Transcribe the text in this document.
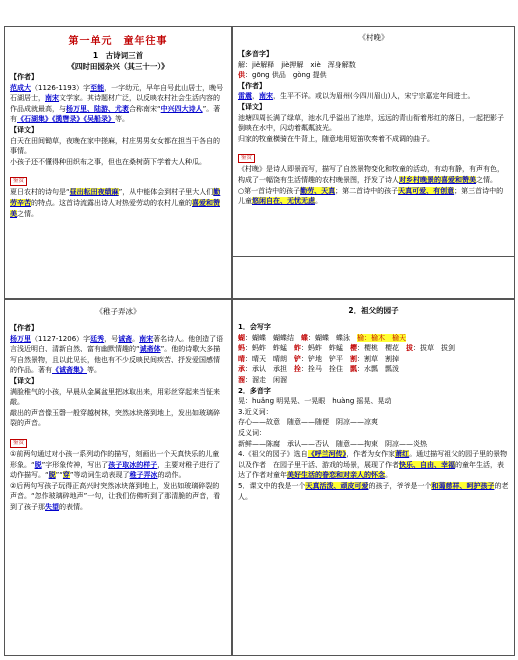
第一单元　童年往事
1　古诗词三首
《四时田园杂兴（其三十一）》
【作者】

范成大（1126-1193）字至能，一字幼元，早年自号此山居士，晚号石湖居士，南宋文学家。其诗题材广泛，以反映农村社会生活内容的作品成就最高，与杨万里、陆游、尤袤合称南宋“中兴四大诗人”。著有《石湖集》《揽辔录》《吴船录》等。

【译文】

白天在田间锄草，夜晚在家中搓麻，村庄男男女女都在担当干各自的事情。

小孩子还不懂得种田织布之事，但也在桑树荫下学着大人种瓜。

鉴赏

夏日农村的诗句是“昼出耘田夜绩麻”，从中能体会到村子里大人们勤劳辛苦的特点。这首诗流露出诗人对热爱劳动的农村儿童的喜爱和赞美之情。

《稚子弄冰》
【作者】

杨万里（1127-1206）字廷秀，号诚斋。南宋著名诗人。他创造了语言浅近明白、清新自然、富有幽默情趣的“诚斋体”。他的诗歌大多描写自然景物，且以此见长，他也有不少反映民间疾苦、抒发爱国感情的作品。著有《诚斋集》等。

【译文】

满脸稚气的小孩，早晨从金属盆里把冰取出来，用彩丝穿起来当钲来敲。

敲出的声音像玉磬一般穿越树林，突然冰块落到地上，发出如玻璃碎裂的声音。

鉴赏

①前两句通过对小孩一系列动作的描写，刻画出一个天真快乐的儿童形象。“脱”字形象传神，写出了孩子取冰的样子，主要对稚子进行了动作描写。“脱”“穿”等动词生动表现了稚子弄冰的动作。

②后两句写孩子玩得正高兴时突然冰块落到地上，发出如玻璃碎裂的声音。“忽作玻璃碎地声”一句，让我们仿佛听到了那清脆的声音，看到了孩子那失望的表情。

《村晚》
【多音字】

解：jiě解释　jiè押解　xiè　浑身解数

供：gōng 供品　gòng 提供

【作者】

雷震，南宋，生平不详。或以为眉州(今四川眉山)人，宋宁宗嘉定年间进士。

【译文】

池塘四周长满了绿草，池水几乎溢出了池岸，远远的青山衔着彤红的落日，一起把影子倒映在水中，闪动着粼粼波光。

归家的牧童横骑在牛背上，随意地用短笛吹奏着不成调的曲子。

鉴赏

《村晚》是诗人即景而写，描写了自然景物变化和牧童的活动，有动有静，有声有色，构成了一幅饶有生活情趣的农村晚景图，抒发了诗人对乡村晚景的喜爱和赞美之情。

○第一首诗中的孩子勤劳、天真；第二首诗中的孩子天真可爱、有创意；第三首诗中的儿童悠闲自在、无忧无虑。

2．祖父的园子
1．会写字

蝴：蝴蝶　蝴蝶结　 蝶：蝴蝶　蝶泳　 榆：榆木　榆天

蚂：蚂蚱　蚱蜢　 蚱：蚂蚱　蚱蜢　 樱：樱桃　樱花　 拔：拔草　拔剑

晴：晴天　晴朗　 铲：铲地　铲平　 割：割草　割掉

承：承认　承担　 拴：拴马　拴住　 瓢：水瓢　瓢泼

溜：溜走　闲溜

2．多音字

晃：huǎng 明晃晃、一晃眼　huàng 摇晃、晃动

3.近义词：

存心——故意　随意——随便　阴凉——凉爽

反义词：

新鲜——陈腐　承认——否认　随意——拘束　阴凉——炎热

4.《祖父的园子》选自《呼兰河传》，作者为女作家萧红。通过描写祖父的园子里的景物以及作者　在园子里干活、游戏的场景，展现了作者快乐、自由、幸福的童年生活，表达了作者对童年美好生活的眷恋和对亲人的怀念。

5．课文中的我是一个天真活泼、顽皮可爱的孩子，爷爷是一个和蔼慈祥、呵护孩子的老人。
